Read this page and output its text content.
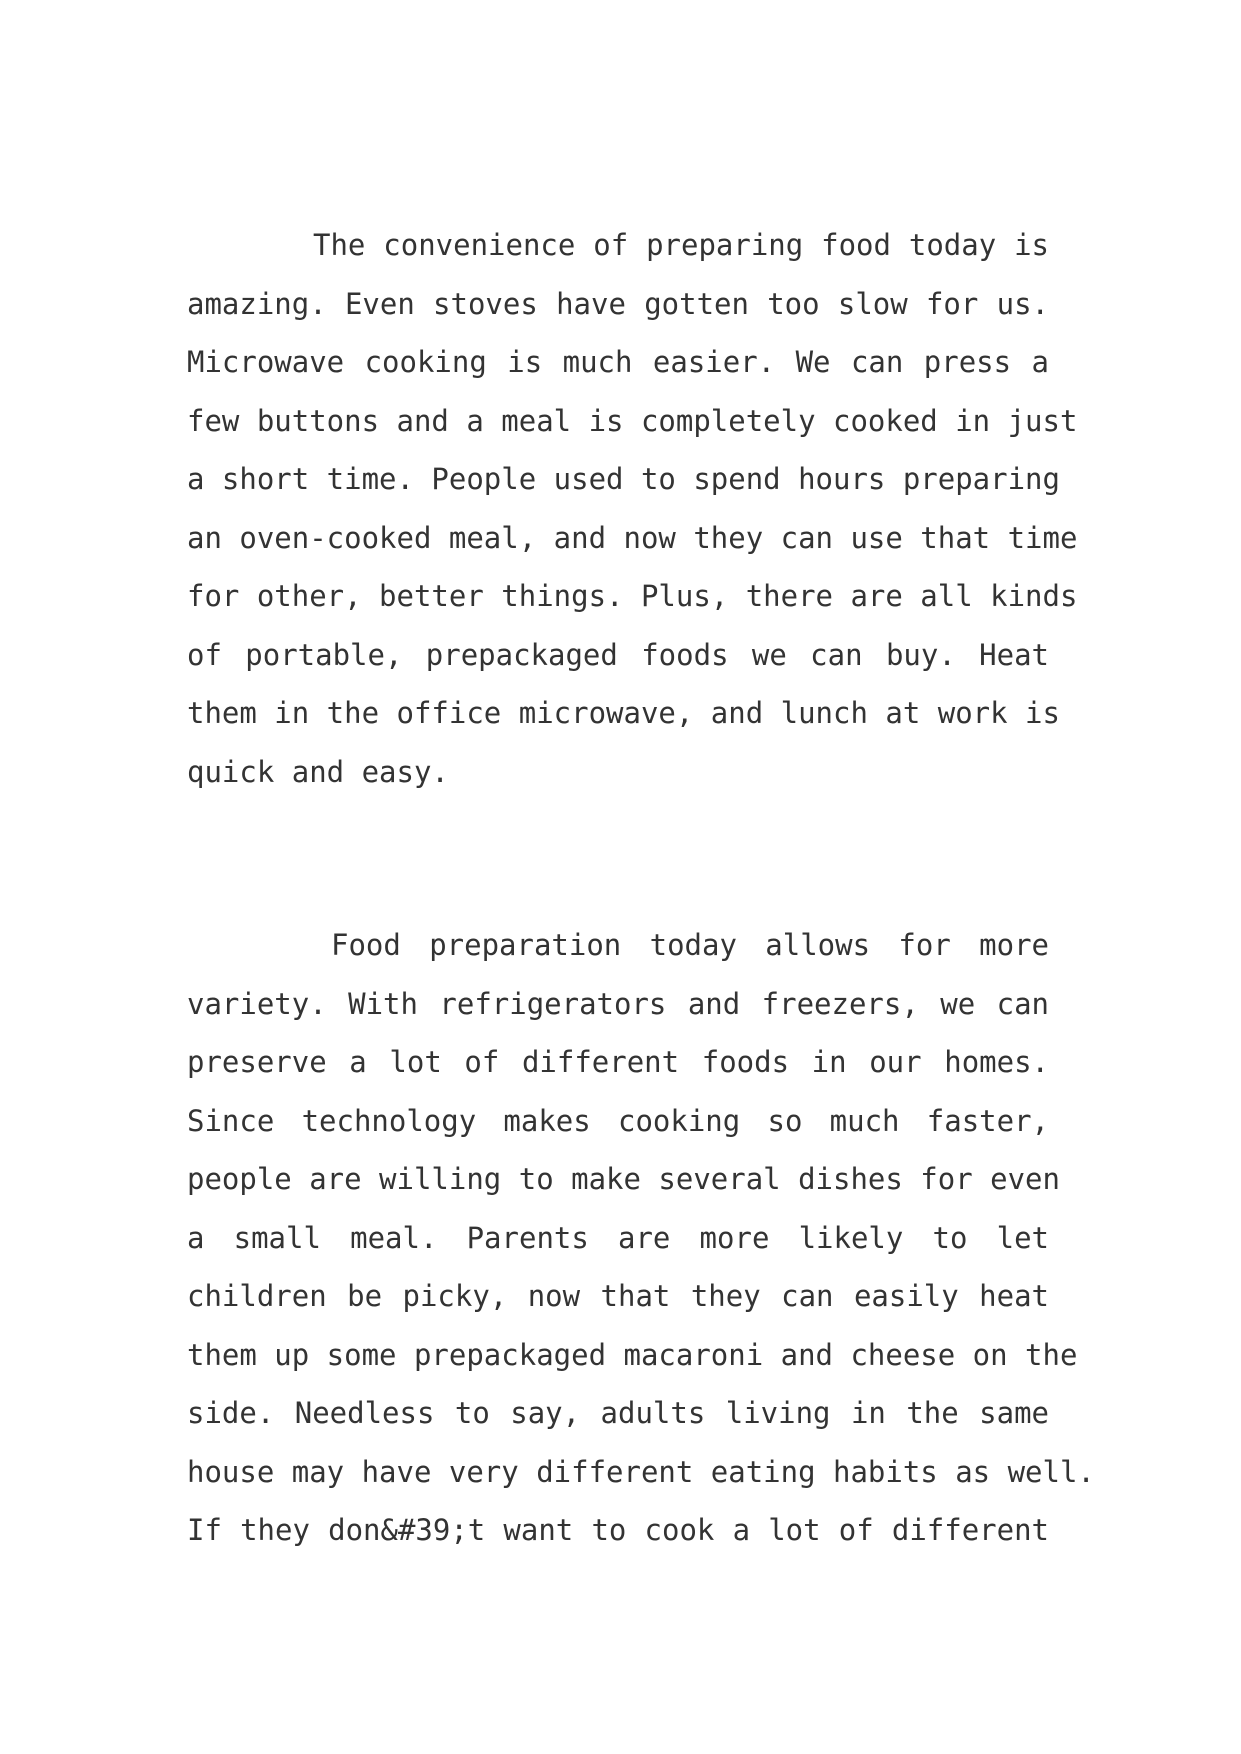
The convenience of preparing food today is
amazing. Even stoves have gotten too slow for us.
Microwave cooking is much easier. We can press a
few buttons and a meal is completely cooked in just
a short time. People used to spend hours preparing
an oven-cooked meal, and now they can use that time
for other, better things. Plus, there are all kinds
of portable, prepackaged foods we can buy. Heat
them in the office microwave, and lunch at work is
quick and easy.
Food preparation today allows for more
variety. With refrigerators and freezers, we can
preserve a lot of different foods in our homes.
Since technology makes cooking so much faster,
people are willing to make several dishes for even
a small meal. Parents are more likely to let
children be picky, now that they can easily heat
them up some prepackaged macaroni and cheese on the
side. Needless to say, adults living in the same
house may have very different eating habits as well.
If they don&#39;t want to cook a lot of different
